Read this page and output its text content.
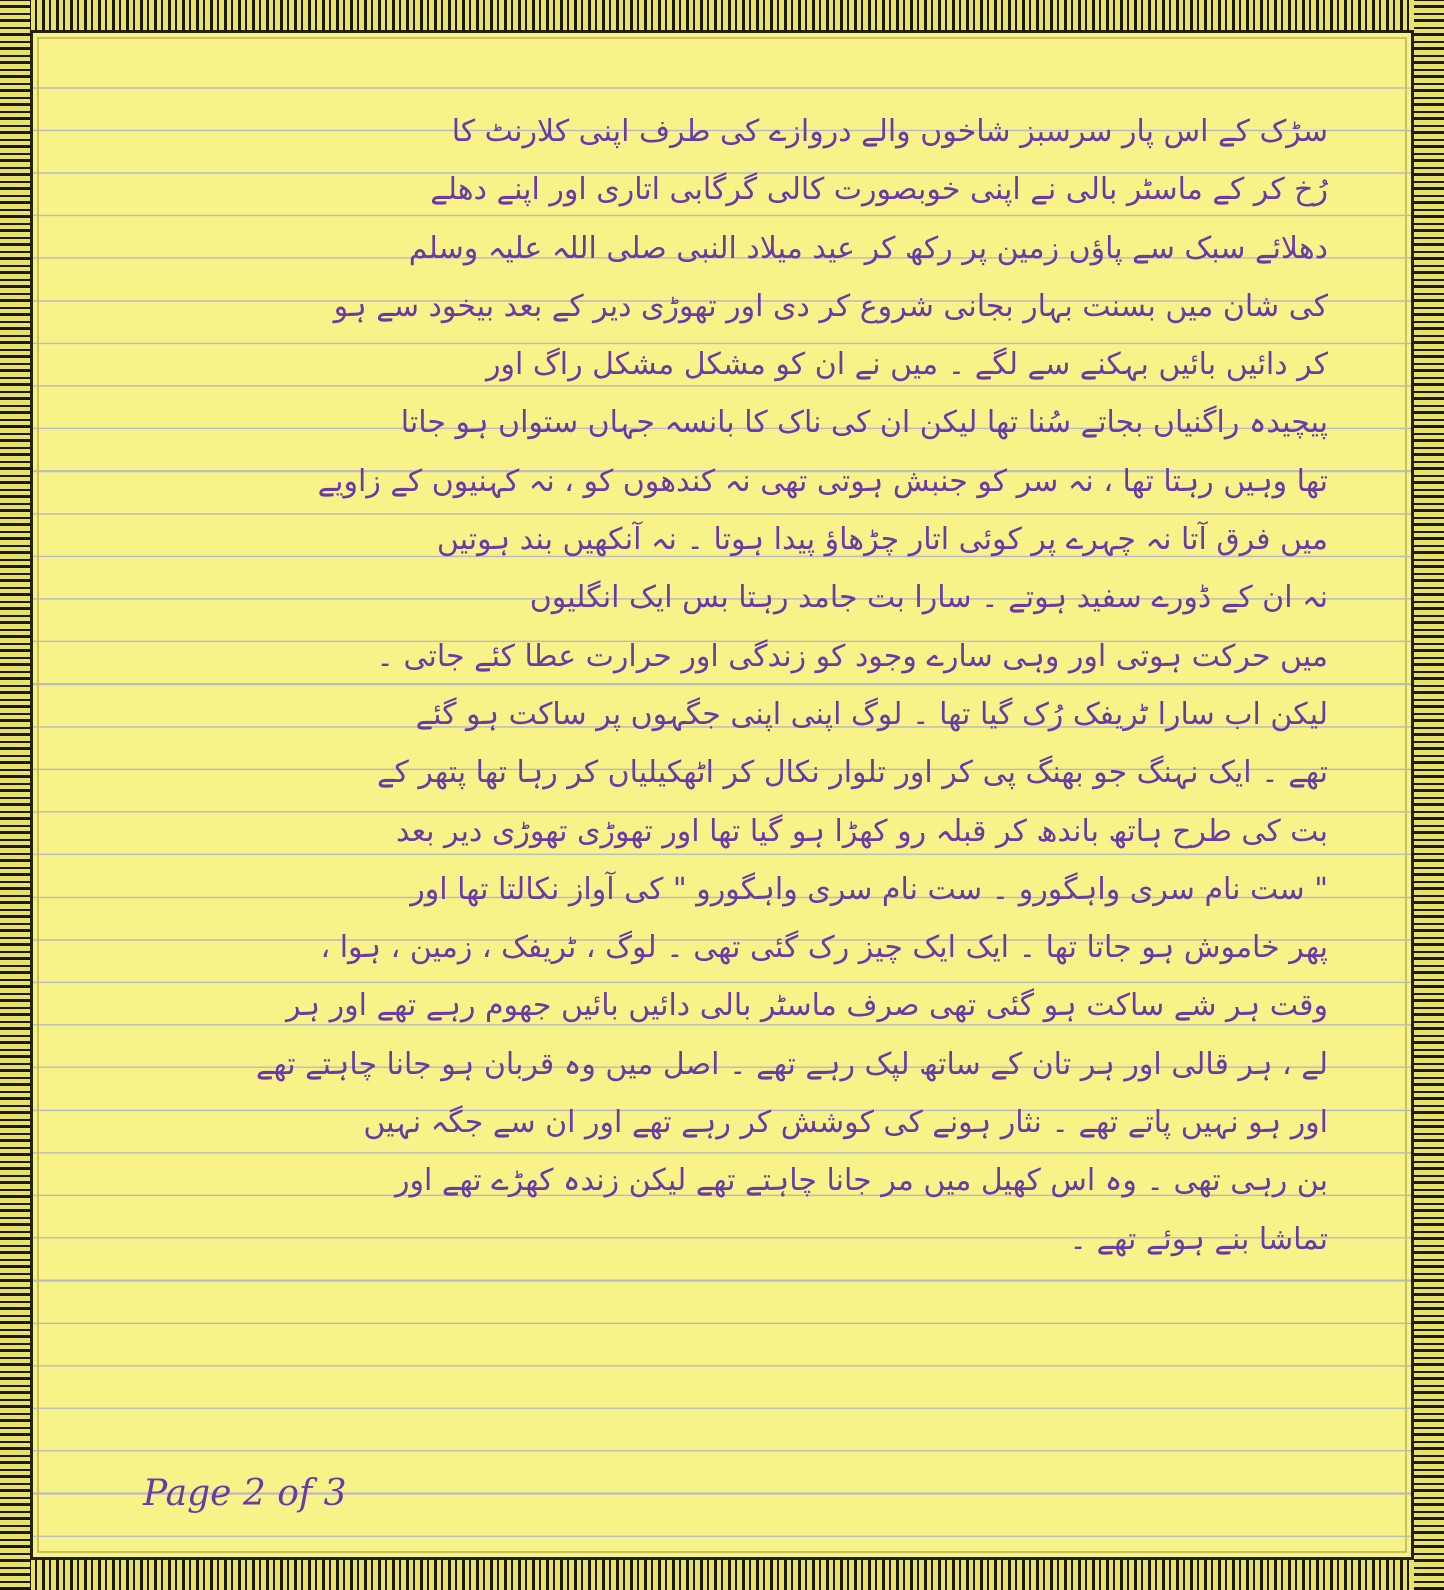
سڑک کے اس پار سرسبز شاخوں والے دروازے کی طرف اپنی کلارنٹ کا
رُخ کر کے ماسٹر بالی نے اپنی خوبصورت کالی گرگابی اتاری اور اپنے دھلے
دھلائے سبک سے پاؤں زمین پر رکھ کر عید میلاد النبی صلی اللہ علیہ وسلم
کی شان میں بسنت بہار بجانی شروع کر دی اور تھوڑی دیر کے بعد بیخود سے ہو
کر دائیں بائیں بہکنے سے لگے ۔ میں نے ان کو مشکل مشکل راگ اور
پیچیدہ راگنیاں بجاتے سُنا تھا لیکن ان کی ناک کا بانسہ جہاں ستواں ہو جاتا
تھا وہیں رہتا تھا ، نہ سر کو جنبش ہوتی تھی نہ کندھوں کو ، نہ کہنیوں کے زاویے
میں فرق آتا نہ چہرے پر کوئی اتار چڑھاؤ پیدا ہوتا ۔ نہ آنکھیں بند ہوتیں
نہ ان کے ڈورے سفید ہوتے ۔ سارا بت جامد رہتا بس ایک انگلیوں
میں حرکت ہوتی اور وہی سارے وجود کو زندگی اور حرارت عطا کئے جاتی ۔
لیکن اب سارا ٹریفک رُک گیا تھا ۔ لوگ اپنی اپنی جگہوں پر ساکت ہو گئے
تھے ۔ ایک نہنگ جو بھنگ پی کر اور تلوار نکال کر اٹھکیلیاں کر رہا تھا پتھر کے
بت کی طرح ہاتھ باندھ کر قبلہ رو کھڑا ہو گیا تھا اور تھوڑی تھوڑی دیر بعد
" ست نام سری واہگورو ۔ ست نام سری واہگورو " کی آواز نکالتا تھا اور
پھر خاموش ہو جاتا تھا ۔ ایک ایک چیز رک گئی تھی ۔ لوگ ، ٹریفک ، زمین ، ہوا ،
وقت ہر شے ساکت ہو گئی تھی صرف ماسٹر بالی دائیں بائیں جھوم رہے تھے اور ہر
لے ، ہر قالی اور ہر تان کے ساتھ لپک رہے تھے ۔ اصل میں وہ قربان ہو جانا چاہتے تھے
اور ہو نہیں پاتے تھے ۔ نثار ہونے کی کوشش کر رہے تھے اور ان سے جگہ نہیں
بن رہی تھی ۔ وہ اس کھیل میں مر جانا چاہتے تھے لیکن زندہ کھڑے تھے اور
تماشا بنے ہوئے تھے ۔
Page 2 of 3
